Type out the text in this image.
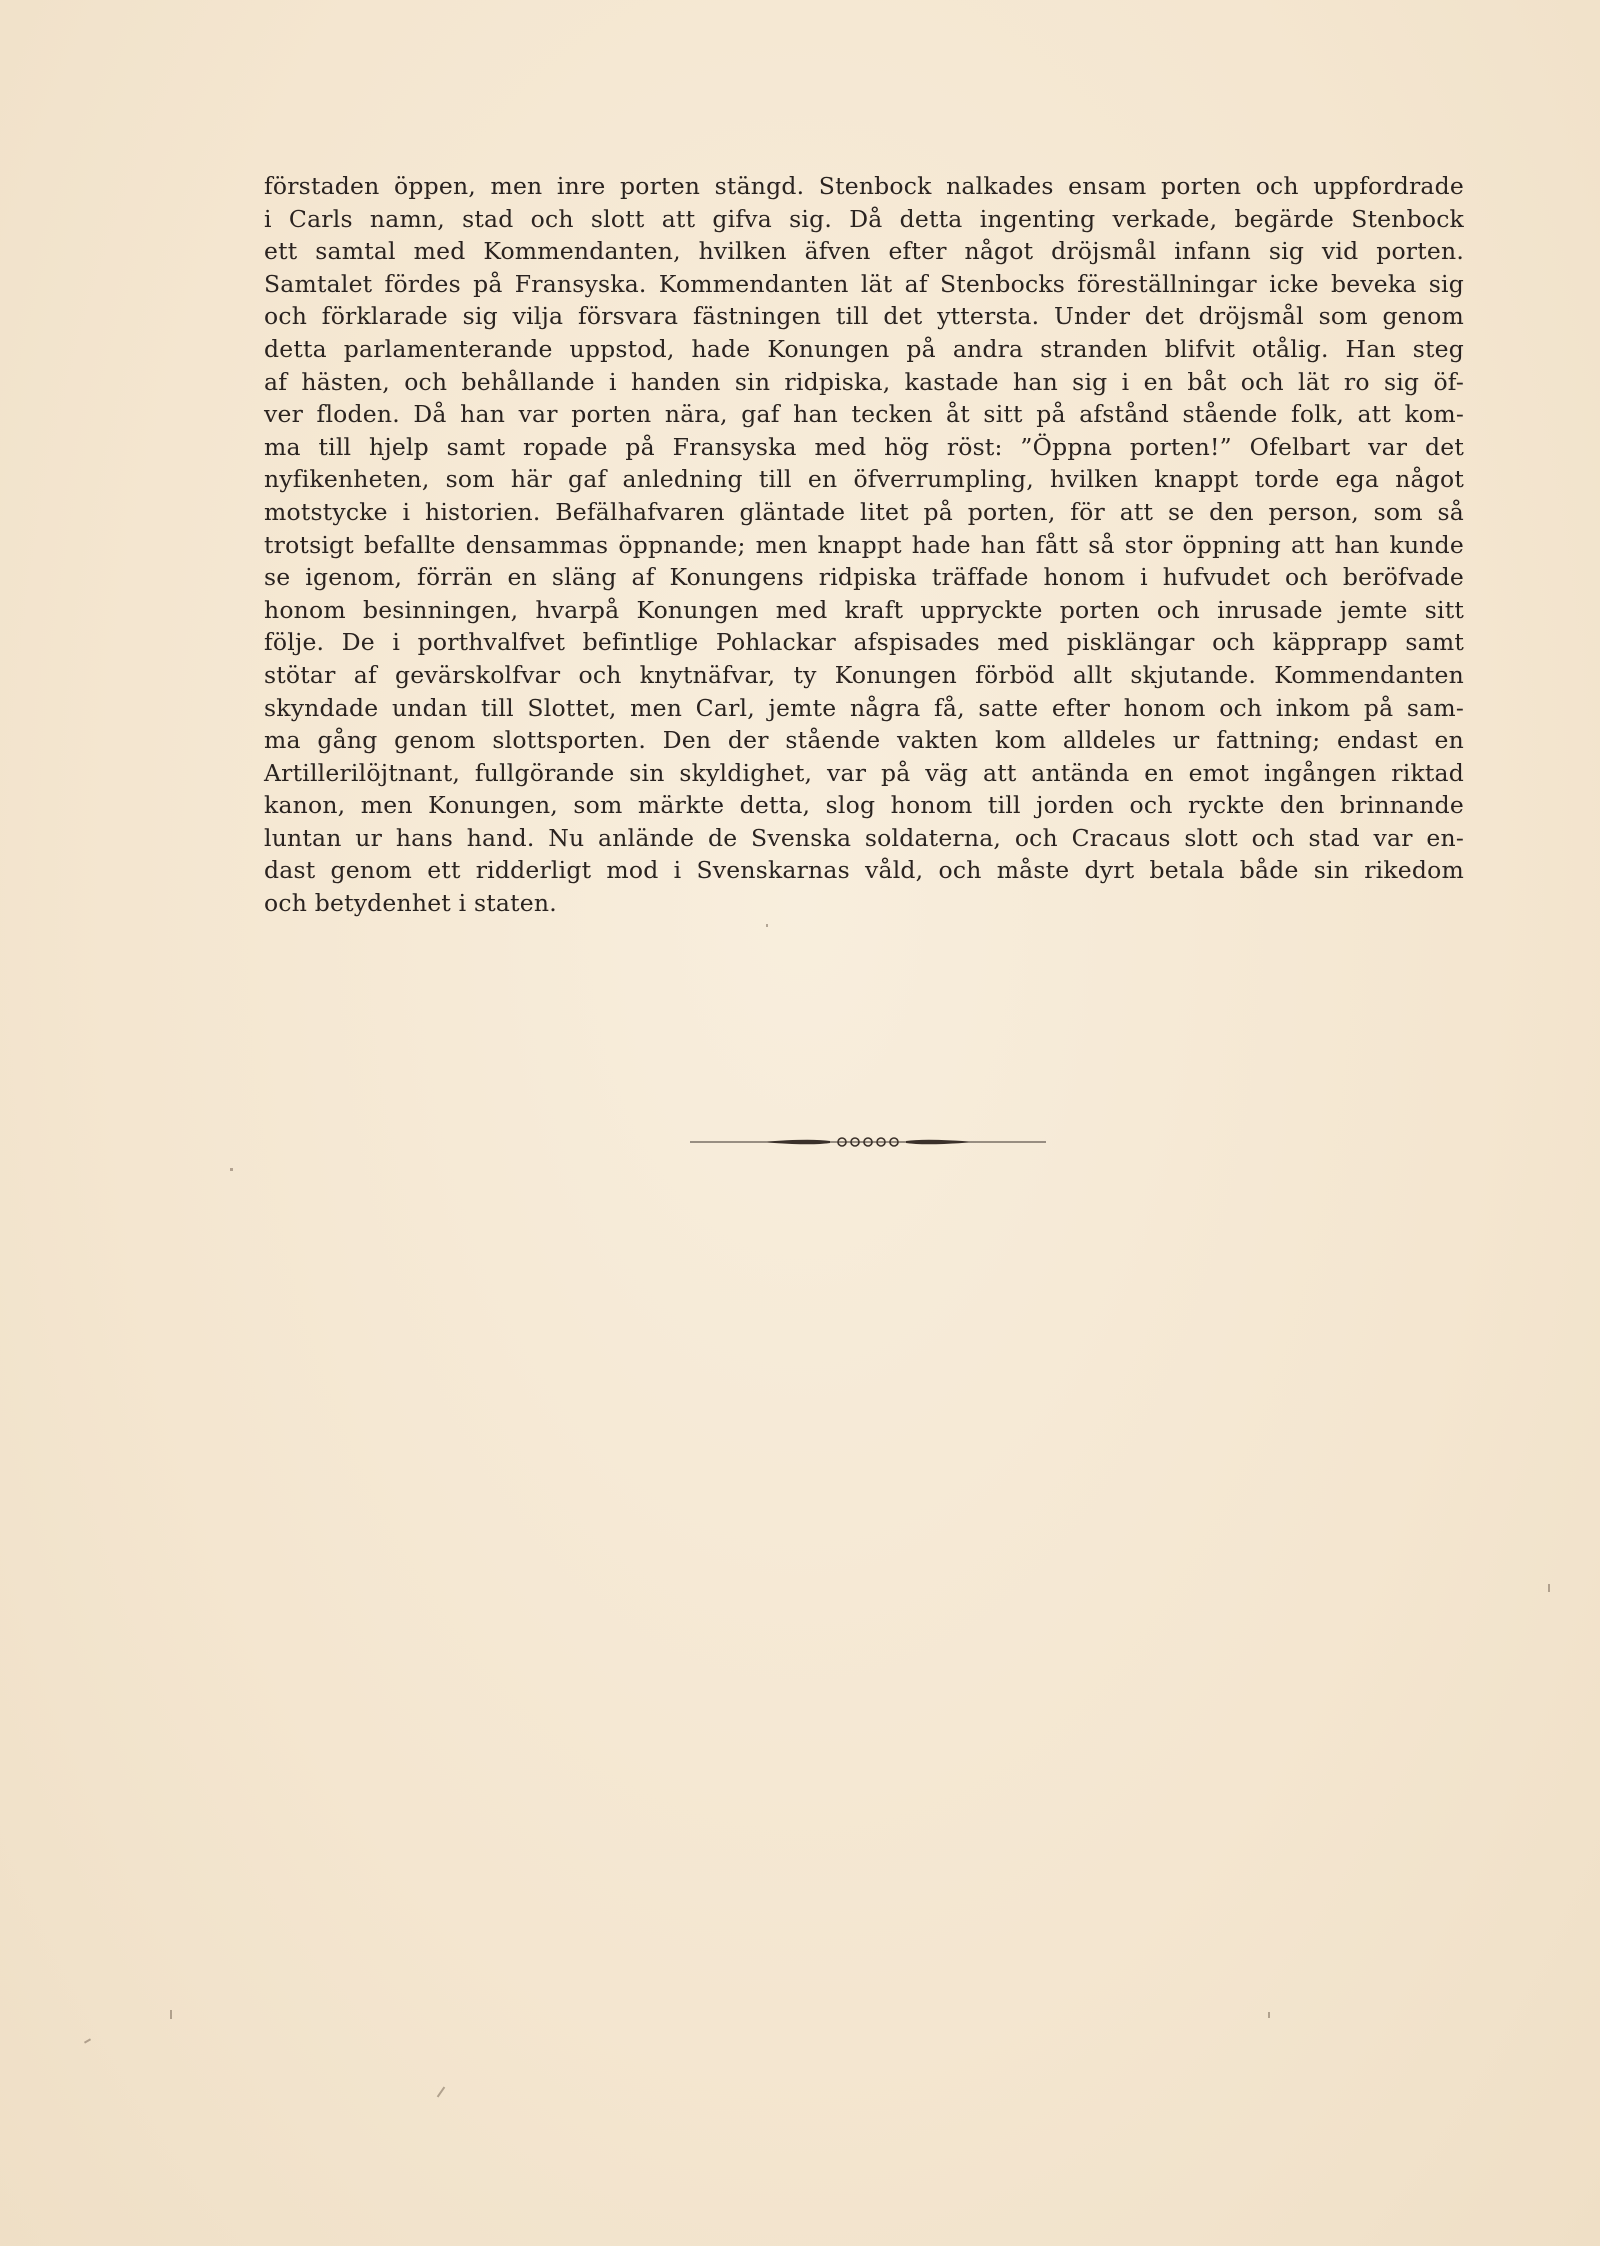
förstaden öppen, men inre porten stängd. Stenbock nalkades ensam porten och uppfordrade
i Carls namn, stad och slott att gifva sig. Då detta ingenting verkade, begärde Stenbock
ett samtal med Kommendanten, hvilken äfven efter något dröjsmål infann sig vid porten.
Samtalet fördes på Fransyska. Kommendanten lät af Stenbocks föreställningar icke beveka sig
och förklarade sig vilja försvara fästningen till det yttersta. Under det dröjsmål som genom
detta parlamenterande uppstod, hade Konungen på andra stranden blifvit otålig. Han steg
af hästen, och behållande i handen sin ridpiska, kastade han sig i en båt och lät ro sig öf-
ver floden. Då han var porten nära, gaf han tecken åt sitt på afstånd stående folk, att kom-
ma till hjelp samt ropade på Fransyska med hög röst: ”Öppna porten!” Ofelbart var det
nyfikenheten, som här gaf anledning till en öfverrumpling, hvilken knappt torde ega något
motstycke i historien. Befälhafvaren gläntade litet på porten, för att se den person, som så
trotsigt befallte densammas öppnande; men knappt hade han fått så stor öppning att han kunde
se igenom, förrän en släng af Konungens ridpiska träffade honom i hufvudet och beröfvade
honom besinningen, hvarpå Konungen med kraft uppryckte porten och inrusade jemte sitt
följe. De i porthvalfvet befintlige Pohlackar afspisades med pisklängar och käpprapp samt
stötar af gevärskolfvar och knytnäfvar, ty Konungen förböd allt skjutande. Kommendanten
skyndade undan till Slottet, men Carl, jemte några få, satte efter honom och inkom på sam-
ma gång genom slottsporten. Den der stående vakten kom alldeles ur fattning; endast en
Artillerilöjtnant, fullgörande sin skyldighet, var på väg att antända en emot ingången riktad
kanon, men Konungen, som märkte detta, slog honom till jorden och ryckte den brinnande
luntan ur hans hand. Nu anlände de Svenska soldaterna, och Cracaus slott och stad var en-
dast genom ett ridderligt mod i Svenskarnas våld, och måste dyrt betala både sin rikedom
och betydenhet i staten.
